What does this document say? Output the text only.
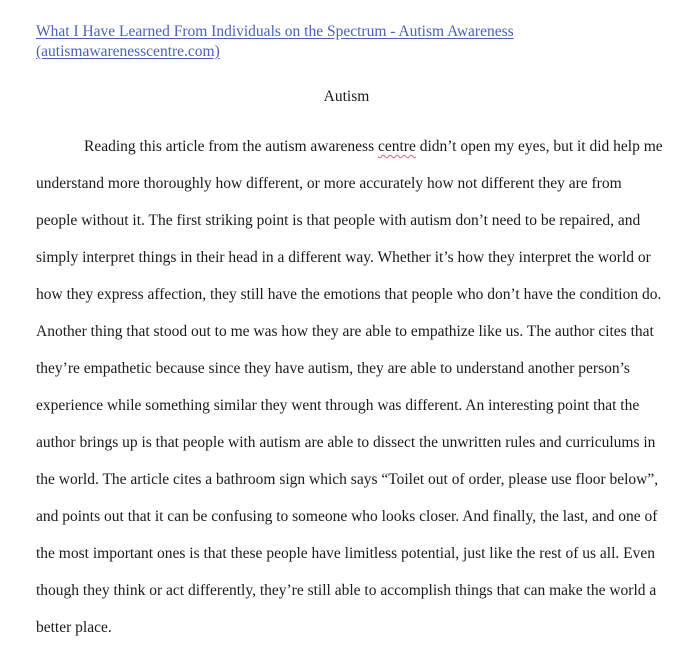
What I Have Learned From Individuals on the Spectrum - Autism Awareness
(autismawarenesscentre.com)
Autism

Reading this article from the autism awareness centre didn’t open my eyes, but it did help me understand more thoroughly how different, or more accurately how not different they are from people without it. The first striking point is that people with autism don’t need to be repaired, and simply interpret things in their head in a different way. Whether it’s how they interpret the world or how they express affection, they still have the emotions that people who don’t have the condition do. Another thing that stood out to me was how they are able to empathize like us. The author cites that they’re empathetic because since they have autism, they are able to understand another person’s experience while something similar they went through was different. An interesting point that the author brings up is that people with autism are able to dissect the unwritten rules and curriculums in the world. The article cites a bathroom sign which says “Toilet out of order, please use floor below”, and points out that it can be confusing to someone who looks closer. And finally, the last, and one of the most important ones is that these people have limitless potential, just like the rest of us all. Even though they think or act differently, they’re still able to accomplish things that can make the world a better place.
